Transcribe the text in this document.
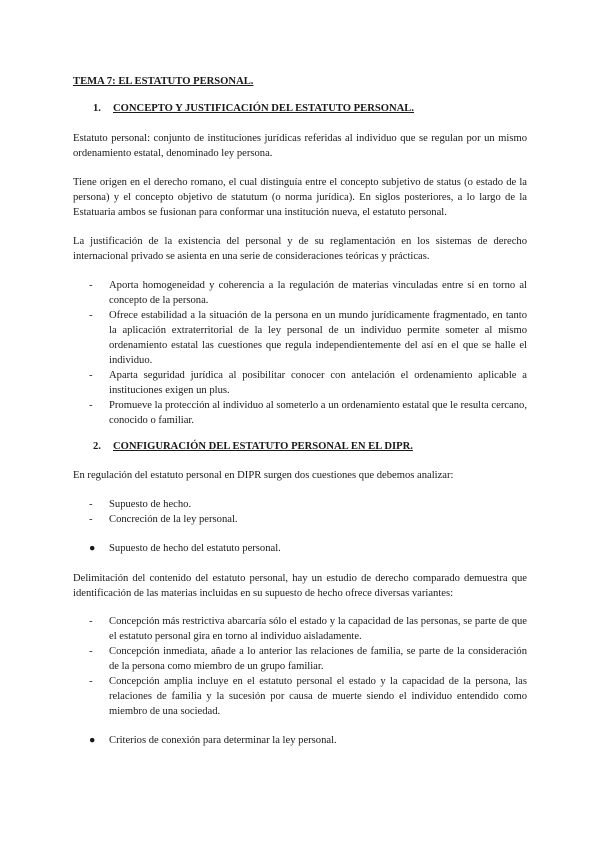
TEMA 7: EL ESTATUTO PERSONAL.

1. CONCEPTO Y JUSTIFICACIÓN DEL ESTATUTO PERSONAL.

Estatuto personal: conjunto de instituciones jurídicas referidas al individuo que se regulan por un mismo ordenamiento estatal, denominado ley persona.

Tiene origen en el derecho romano, el cual distinguía entre el concepto subjetivo de status (o estado de la persona) y el concepto objetivo de statutum (o norma jurídica). En siglos posteriores, a lo largo de la Estatuaria ambos se fusionan para conformar una institución nueva, el estatuto personal.

La justificación de la existencia del personal y de su reglamentación en los sistemas de derecho internacional privado se asienta en una serie de consideraciones teóricas y prácticas.

- Aporta homogeneidad y coherencia a la regulación de materias vinculadas entre sí en torno al concepto de la persona.
- Ofrece estabilidad a la situación de la persona en un mundo jurídicamente fragmentado, en tanto la aplicación extraterritorial de la ley personal de un individuo permite someter al mismo ordenamiento estatal las cuestiones que regula independientemente del así en el que se halle el individuo.
- Aparta seguridad jurídica al posibilitar conocer con antelación el ordenamiento aplicable a instituciones exigen un plus.
- Promueve la protección al individuo al someterlo a un ordenamiento estatal que le resulta cercano, conocido o familiar.

2. CONFIGURACIÓN DEL ESTATUTO PERSONAL EN EL DIPR.

En regulación del estatuto personal en DIPR surgen dos cuestiones que debemos analizar:

- Supuesto de hecho.
- Concreción de la ley personal.

● Supuesto de hecho del estatuto personal.

Delimitación del contenido del estatuto personal, hay un estudio de derecho comparado demuestra que identificación de las materias incluidas en su supuesto de hecho ofrece diversas variantes:

- Concepción más restrictiva abarcaría sólo el estado y la capacidad de las personas, se parte de que el estatuto personal gira en torno al individuo aisladamente.
- Concepción inmediata, añade a lo anterior las relaciones de familia, se parte de la consideración de la persona como miembro de un grupo familiar.
- Concepción amplia incluye en el estatuto personal el estado y la capacidad de la persona, las relaciones de familia y la sucesión por causa de muerte siendo el individuo entendido como miembro de una sociedad.

● Criterios de conexión para determinar la ley personal.
